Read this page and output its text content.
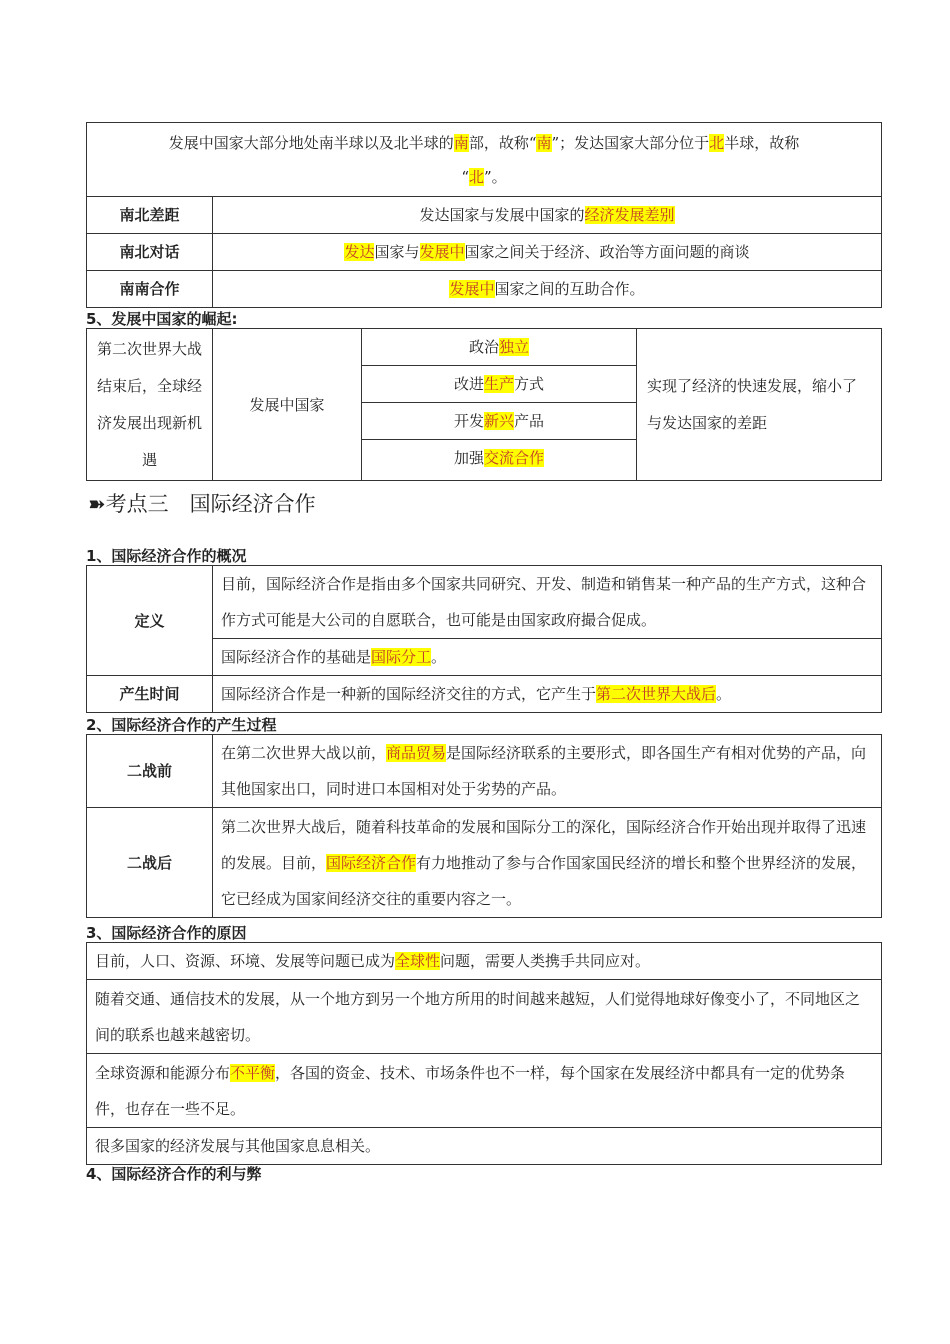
发展中国家大部分地处南半球以及北半球的南部，故称“南”；发达国家大部分位于北半球，故称
“北”。	
南北差距	发达国家与发展中国家的经济发展差别
南北对话	发达国家与发展中国家之间关于经济、政治等方面问题的商谈
南南合作	发展中国家之间的互助合作。
5、发展中国家的崛起:
第二次世界大战结束后，全球经济发展出现新机遇	发展中国家	政治独立	实现了经济的快速发展，缩小了与发达国家的差距
改进生产方式
开发新兴产品
加强交流合作
➽考点三　国际经济合作
1、国际经济合作的概况
定义	目前，国际经济合作是指由多个国家共同研究、开发、制造和销售某一种产品的生产方式，这种合作方式可能是大公司的自愿联合，也可能是由国家政府撮合促成。
	国际经济合作的基础是国际分工。
产生时间	国际经济合作是一种新的国际经济交往的方式，它产生于第二次世界大战后。
2、国际经济合作的产生过程
二战前	在第二次世界大战以前，商品贸易是国际经济联系的主要形式，即各国生产有相对优势的产品，向其他国家出口，同时进口本国相对处于劣势的产品。
二战后	第二次世界大战后，随着科技革命的发展和国际分工的深化，国际经济合作开始出现并取得了迅速的发展。目前，国际经济合作有力地推动了参与合作国家国民经济的增长和整个世界经济的发展，它已经成为国家间经济交往的重要内容之一。
3、国际经济合作的原因
目前，人口、资源、环境、发展等问题已成为全球性问题，需要人类携手共同应对。
随着交通、通信技术的发展，从一个地方到另一个地方所用的时间越来越短，人们觉得地球好像变小了，不同地区之间的联系也越来越密切。
全球资源和能源分布不平衡，各国的资金、技术、市场条件也不一样，每个国家在发展经济中都具有一定的优势条件，也存在一些不足。
很多国家的经济发展与其他国家息息相关。
4、国际经济合作的利与弊
